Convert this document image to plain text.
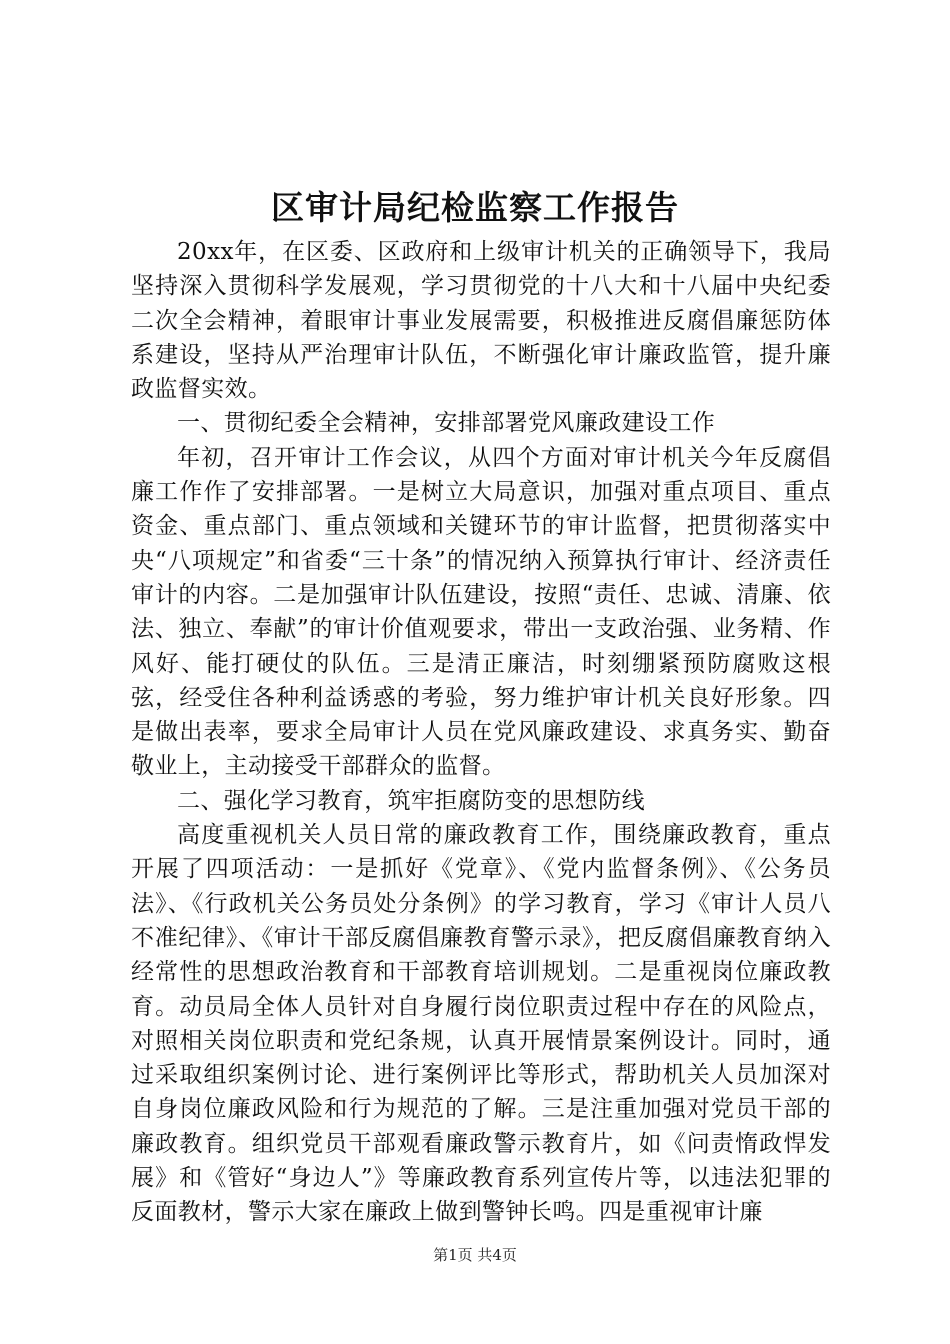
区审计局纪检监察工作报告

20xx年，在区委、区政府和上级审计机关的正确领导下，我局坚持深入贯彻科学发展观，学习贯彻党的十八大和十八届中央纪委二次全会精神，着眼审计事业发展需要，积极推进反腐倡廉惩防体系建设，坚持从严治理审计队伍，不断强化审计廉政监管，提升廉政监督实效。

一、贯彻纪委全会精神，安排部署党风廉政建设工作

年初，召开审计工作会议，从四个方面对审计机关今年反腐倡廉工作作了安排部署。一是树立大局意识，加强对重点项目、重点资金、重点部门、重点领域和关键环节的审计监督，把贯彻落实中央“八项规定”和省委“三十条”的情况纳入预算执行审计、经济责任审计的内容。二是加强审计队伍建设，按照“责任、忠诚、清廉、依法、独立、奉献”的审计价值观要求，带出一支政治强、业务精、作风好、能打硬仗的队伍。三是清正廉洁，时刻绷紧预防腐败这根弦，经受住各种利益诱惑的考验，努力维护审计机关良好形象。四是做出表率，要求全局审计人员在党风廉政建设、求真务实、勤奋敬业上，主动接受干部群众的监督。

二、强化学习教育，筑牢拒腐防变的思想防线

高度重视机关人员日常的廉政教育工作，围绕廉政教育，重点开展了四项活动：一是抓好《党章》、《党内监督条例》、《公务员法》、《行政机关公务员处分条例》的学习教育，学习《审计人员八不准纪律》、《审计干部反腐倡廉教育警示录》，把反腐倡廉教育纳入经常性的思想政治教育和干部教育培训规划。二是重视岗位廉政教育。动员局全体人员针对自身履行岗位职责过程中存在的风险点，对照相关岗位职责和党纪条规，认真开展情景案例设计。同时，通过采取组织案例讨论、进行案例评比等形式，帮助机关人员加深对自身岗位廉政风险和行为规范的了解。三是注重加强对党员干部的廉政教育。组织党员干部观看廉政警示教育片，如《问责惰政悍发展》和《管好“身边人”》等廉政教育系列宣传片等，以违法犯罪的反面教材，警示大家在廉政上做到警钟长鸣。四是重视审计廉

第1页 共4页
